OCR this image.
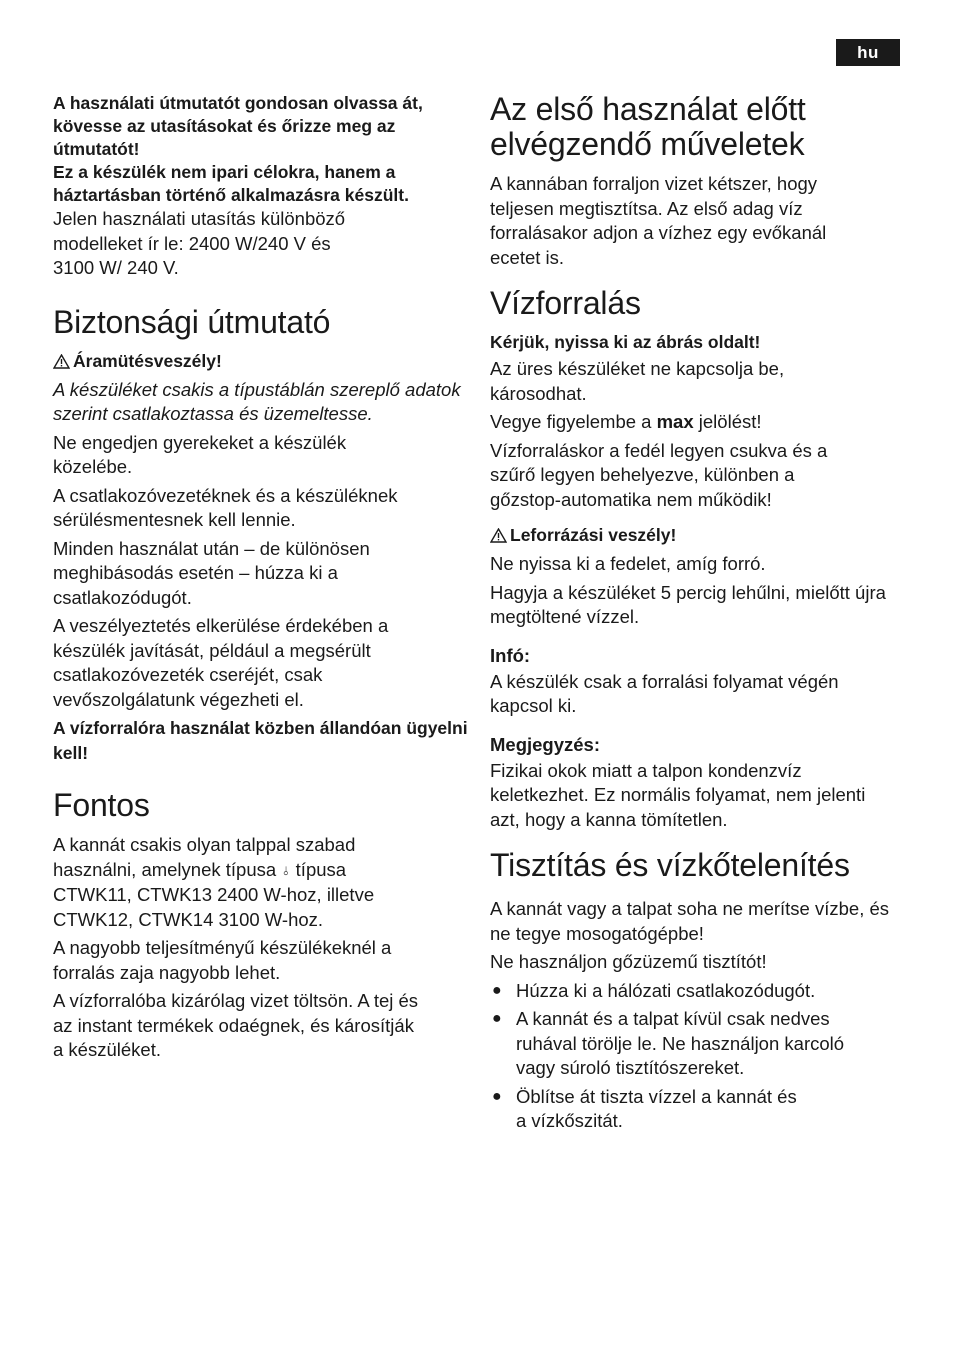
hu

A használati útmutatót gondosan olvassa át, kövesse az utasításokat és őrizze meg az útmutatót!

Ez a készülék nem ipari célokra, hanem a háztartásban történő alkalmazásra készült.

Jelen használati utasítás különböző modelleket ír le: 2400 W/240 V és 3100 W/ 240 V.

Biztonsági útmutató
Áramütésveszély!

A készüléket csakis a típustáblán szereplő adatok szerint csatlakoztassa és üzemeltesse.

Ne engedjen gyerekeket a készülék közelébe.

A csatlakozóvezetéknek és a készüléknek sérülésmentesnek kell lennie.

Minden használat után – de különösen meghibásodás esetén – húzza ki a csatlakozódugót.

A veszélyeztetés elkerülése érdekében a készülék javítását, például a megsérült csatlakozóvezeték cseréjét, csak vevőszolgálatunk végezheti el.

A vízforralóra használat közben állandóan ügyelni kell!

Fontos

A kannát csakis olyan talppal szabad használni, amelynek típusa ⫰ típusa CTWK11, CTWK13 2400 W-hoz, illetve CTWK12, CTWK14 3100 W-hoz.

A nagyobb teljesítményű készülékeknél a forralás zaja nagyobb lehet.

A vízforralóba kizárólag vizet töltsön. A tej és az instant termékek odaégnek, és károsítják a készüléket.

Az első használat előtt elvégzendő műveletek

A kannában forraljon vizet kétszer, hogy teljesen megtisztítsa. Az első adag víz forralásakor adjon a vízhez egy evőkanál ecetet is.

Vízforralás
Kérjük, nyissa ki az ábrás oldalt!

Az üres készüléket ne kapcsolja be, károsodhat.

Vegye figyelembe a max jelölést!

Vízforraláskor a fedél legyen csukva és a szűrő legyen behelyezve, különben a gőzstop-automatika nem működik!

Leforrázási veszély!

Ne nyissa ki a fedelet, amíg forró.

Hagyja a készüléket 5 percig lehűlni, mielőtt újra megtöltené vízzel.

Infó:

A készülék csak a forralási folyamat végén kapcsol ki.

Megjegyzés:

Fizikai okok miatt a talpon kondenzvíz keletkezhet. Ez normális folyamat, nem jelenti azt, hogy a kanna tömítetlen.

Tisztítás és vízkőtelenítés

A kannát vagy a talpat soha ne merítse vízbe, és ne tegye mosogatógépbe!

Ne használjon gőzüzemű tisztítót!

● Húzza ki a hálózati csatlakozódugót.
● A kannát és a talpat kívül csak nedves ruhával törölje le. Ne használjon karcoló vagy súroló tisztítószereket.
● Öblítse át tiszta vízzel a kannát és a vízkőszitát.
